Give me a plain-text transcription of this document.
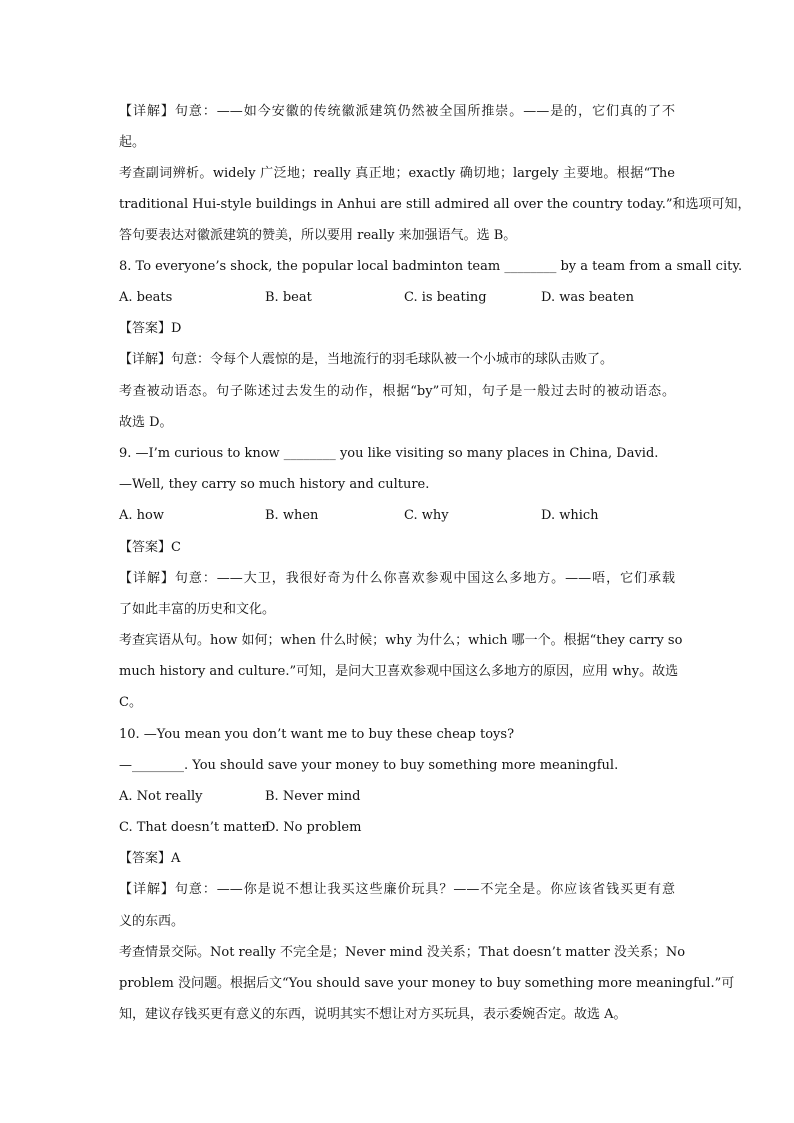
【详解】句意：——如今安徽的传统徽派建筑仍然被全国所推崇。——是的，它们真的了不
起。
考查副词辨析。widely 广泛地；really 真正地；exactly 确切地；largely 主要地。根据“The
traditional Hui-style buildings in Anhui are still admired all over the country today.”和选项可知，
答句要表达对徽派建筑的赞美，所以要用 really 来加强语气。选 B。
8. To everyone’s shock, the popular local badminton team ________ by a team from a small city.
A. beats	B. beat	C. is beating	D. was beaten
【答案】D
【详解】句意：令每个人震惊的是，当地流行的羽毛球队被一个小城市的球队击败了。
考查被动语态。句子陈述过去发生的动作，根据“by”可知，句子是一般过去时的被动语态。
故选 D。
9. —I’m curious to know ________ you like visiting so many places in China, David.
—Well, they carry so much history and culture.
A. how	B. when	C. why	D. which
【答案】C
【详解】句意：——大卫，我很好奇为什么你喜欢参观中国这么多地方。——唔，它们承载
了如此丰富的历史和文化。
考查宾语从句。how 如何；when 什么时候；why 为什么；which 哪一个。根据“they carry so
much history and culture.”可知，是问大卫喜欢参观中国这么多地方的原因，应用 why。故选
C。
10. —You mean you don’t want me to buy these cheap toys?
—________. You should save your money to buy something more meaningful.
A. Not really	B. Never mind
C. That doesn’t matter
D. No problem
【答案】A
【详解】句意：——你是说不想让我买这些廉价玩具？——不完全是。你应该省钱买更有意
义的东西。
考查情景交际。Not really 不完全是；Never mind 没关系；That doesn’t matter 没关系；No
problem 没问题。根据后文“You should save your money to buy something more meaningful.”可
知，建议存钱买更有意义的东西，说明其实不想让对方买玩具，表示委婉否定。故选 A。
